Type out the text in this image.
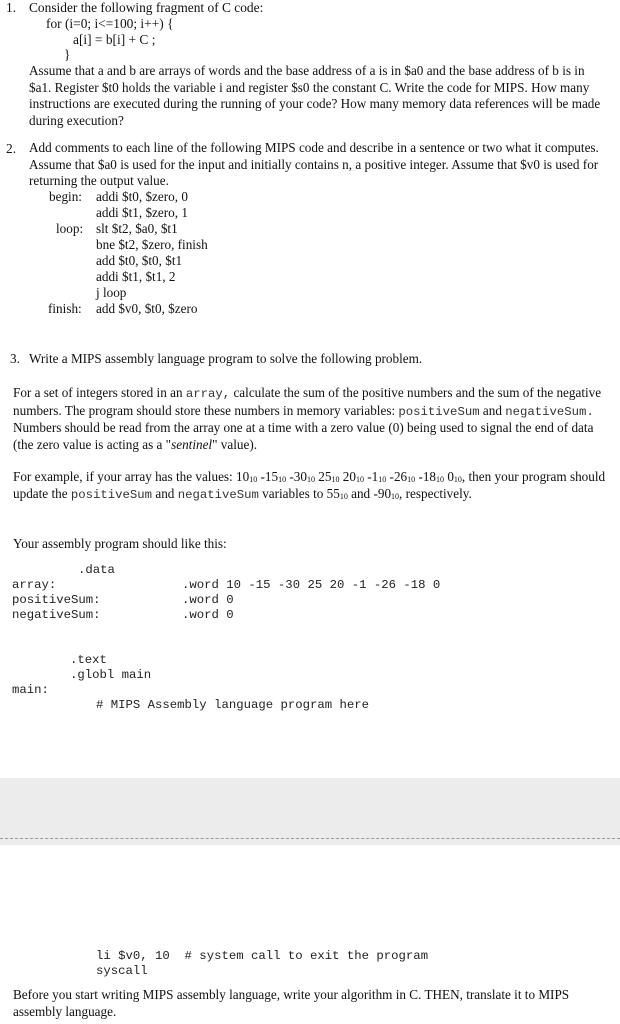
1. Consider the following fragment of C code:
for (i=0; i<=100; i++) {
a[i] = b[i] + C ;
}
Assume that a and b are arrays of words and the base address of a is in $a0 and the base address of b is in $a1. Register $t0 holds the variable i and register $s0 the constant C. Write the code for MIPS. How many instructions are executed during the running of your code? How many memory data references will be made during execution?
2. Add comments to each line of the following MIPS code and describe in a sentence or two what it computes. Assume that $a0 is used for the input and initially contains n, a positive integer. Assume that $v0 is used for returning the output value.
begin: addi $t0, $zero, 0
addi $t1, $zero, 1
loop: slt $t2, $a0, $t1
bne $t2, $zero, finish
add $t0, $t0, $t1
addi $t1, $t1, 2
j loop
finish: add $v0, $t0, $zero
3. Write a MIPS assembly language program to solve the following problem.
For a set of integers stored in an array, calculate the sum of the positive numbers and the sum of the negative numbers. The program should store these numbers in memory variables: positiveSum and negativeSum. Numbers should be read from the array one at a time with a zero value (0) being used to signal the end of data (the zero value is acting as a "sentinel" value).
For example, if your array has the values: $10_{10}$ $-15_{10}$ $-30_{10}$ $25_{10}$ $20_{10}$ $-1_{10}$ $-26_{10}$ $-18_{10}$ $0_{10}$, then your program should update the positiveSum and negativeSum variables to $55_{10}$ and $-90_{10}$, respectively.
Your assembly program should like this:
.data
array:	.word 10 -15 -30 25 20 -1 -26 -18 0
positiveSum:	.word 0
negativeSum:	.word 0
.text
.globl main
main:
# MIPS Assembly language program here
li $v0, 10  # system call to exit the program
syscall
Before you start writing MIPS assembly language, write your algorithm in C. THEN, translate it to MIPS assembly language.
